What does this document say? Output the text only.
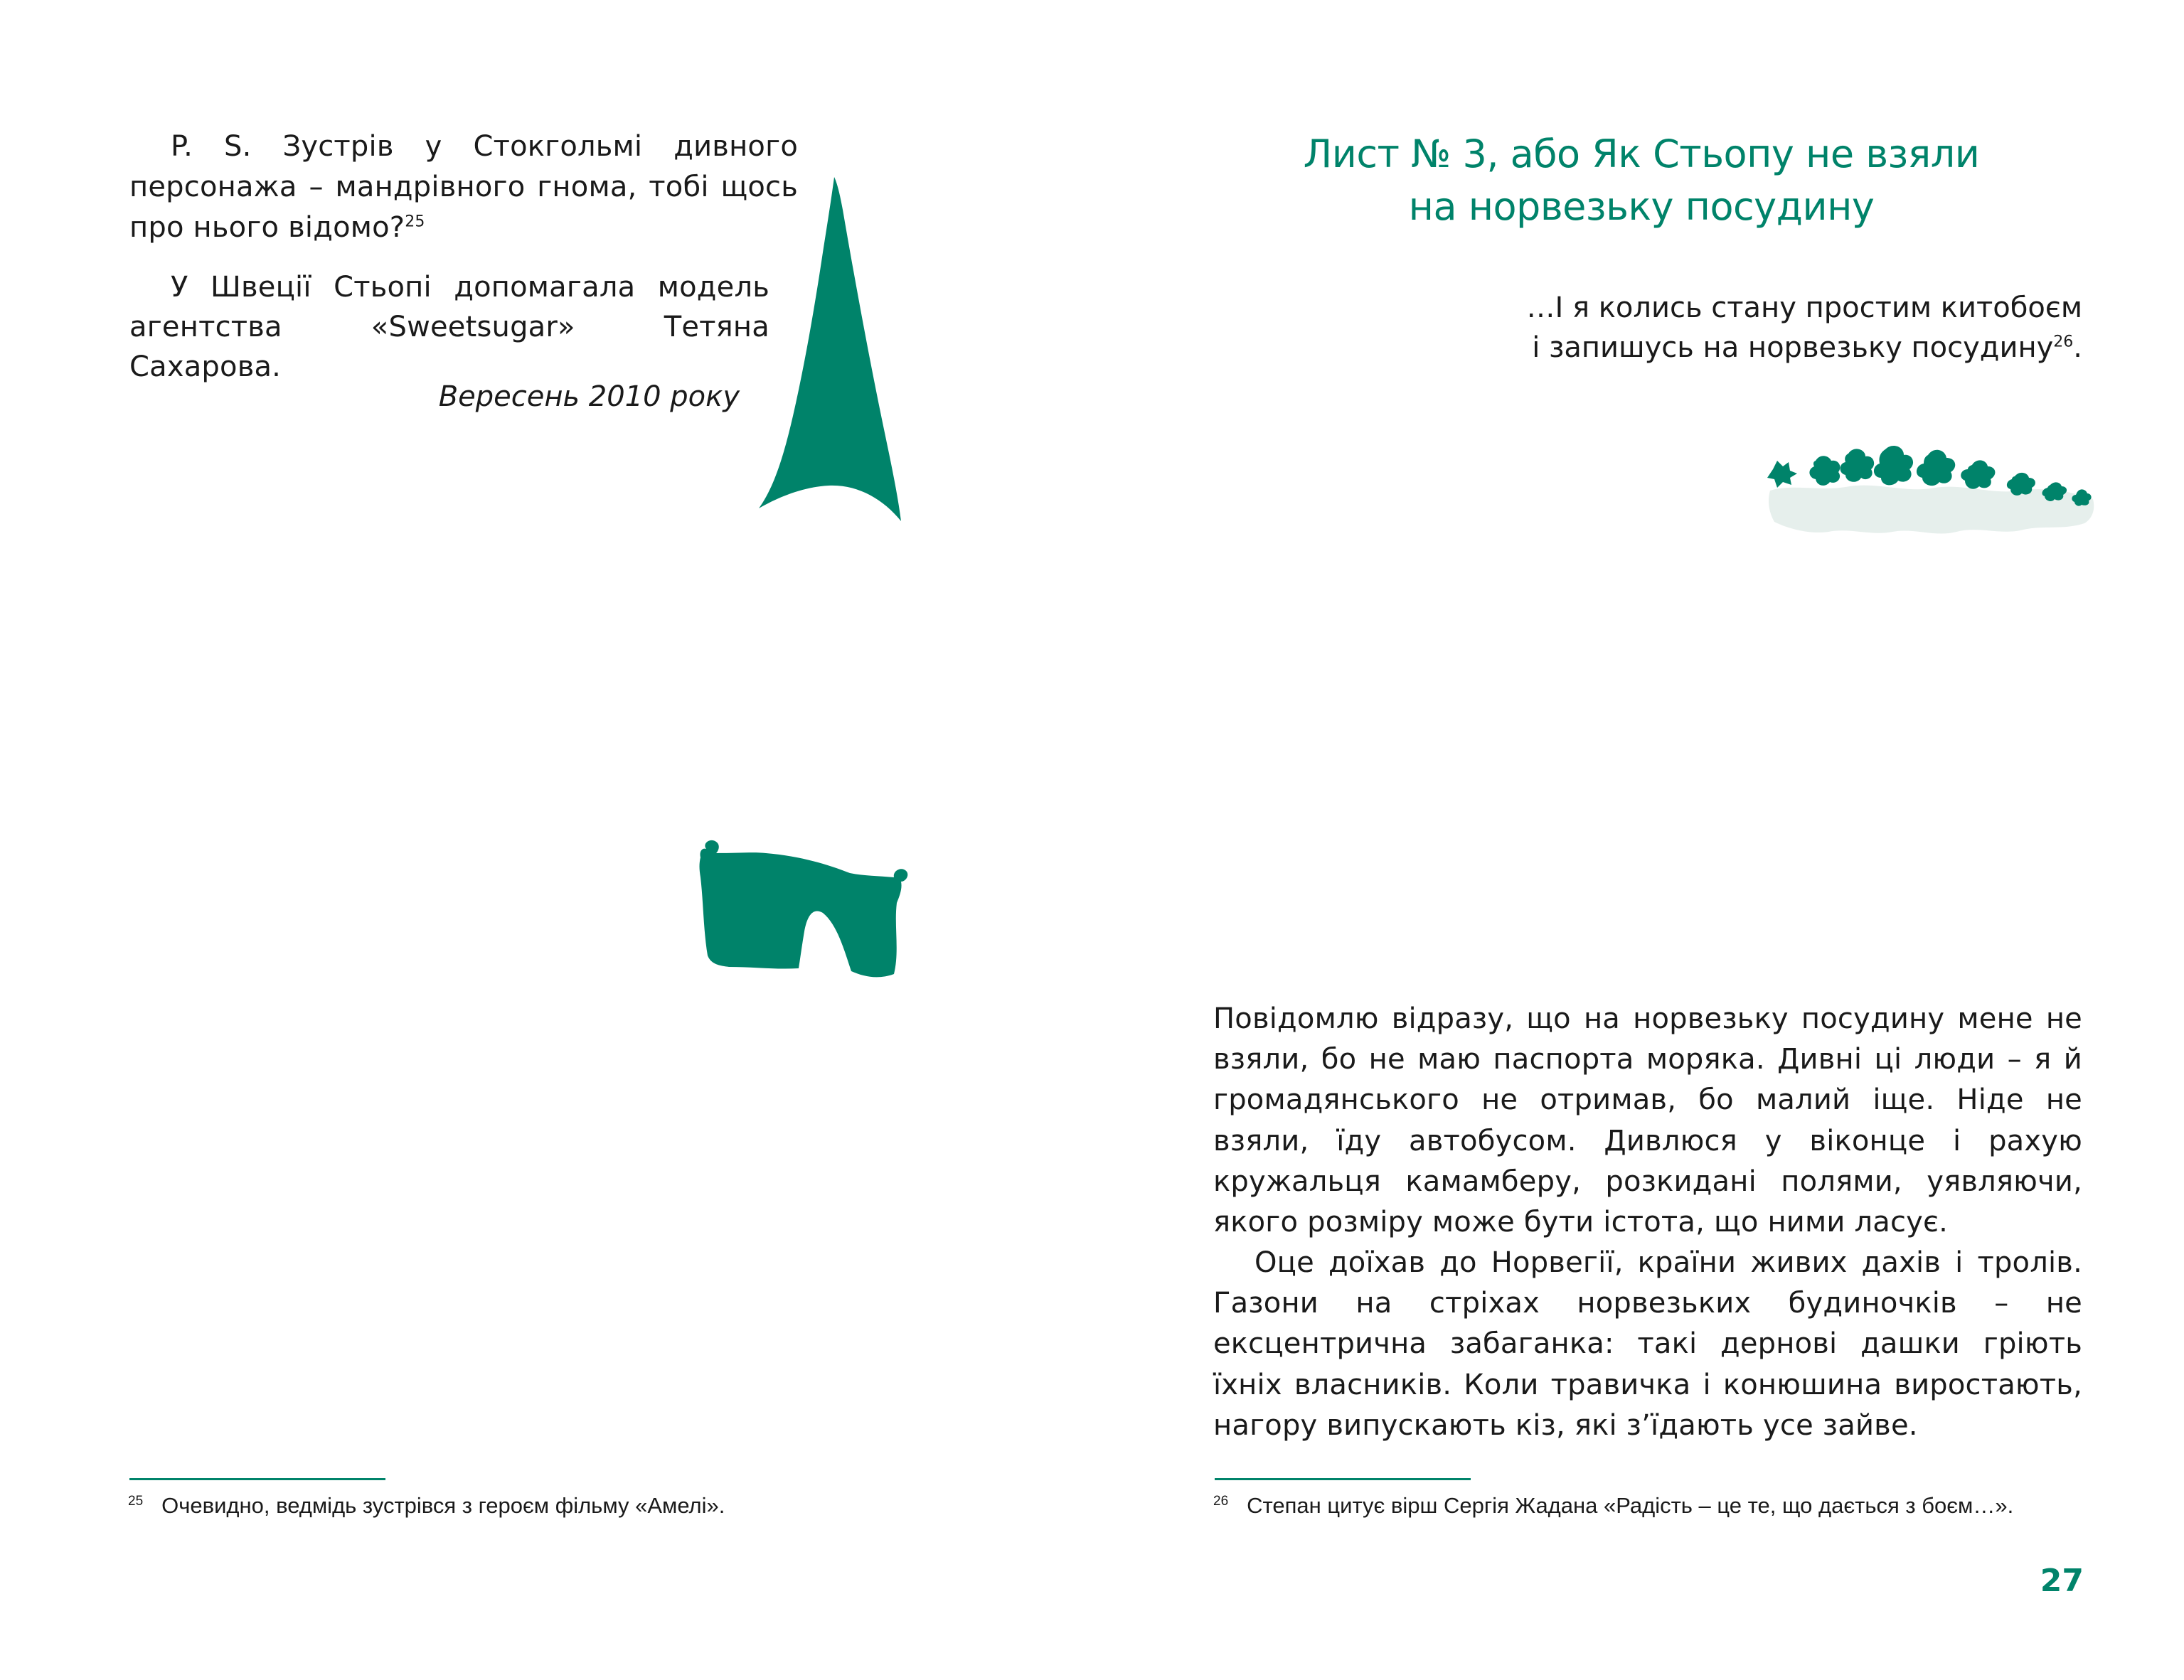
P. S. Зустрів у Стокгольмі дивного персонажа – мандрівного гнома, тобі щось про нього відомо?$^{25}$

У Швеції Стьопі допомагала модель агентства «Sweetsugar» Тетяна Сахарова.

Вересень 2010 року
$^{25}$ Очевидно, ведмідь зустрівся з героєм фільму «Амелі».
Лист № 3, або Як Стьопу не взяли
на норвезьку посудину
…І я колись стану простим китобоєм
і запишусь на норвезьку посудину$^{26}$.

Повідомлю відразу, що на норвезьку посудину мене не взяли, бо не маю паспорта моряка. Дивні ці люди – я й громадянського не отримав, бо малий іще. Ніде не взяли, їду автобусом. Дивлюся у віконце і рахую кружальця камамберу, розкидані полями, уявляючи, якого розміру може бути істота, що ними ласує.

Оце доїхав до Норвегії, країни живих дахів і тролів. Газони на стріхах норвезьких будиночків – не ексцентрична забаганка: такі дернові дашки гріють їхніх власників. Коли травичка і конюшина виростають, нагору випускають кіз, які з’їдають усе зайве.

$^{26}$ Степан цитує вірш Сергія Жадана «Радість – це те, що дається з боєм…».
27
